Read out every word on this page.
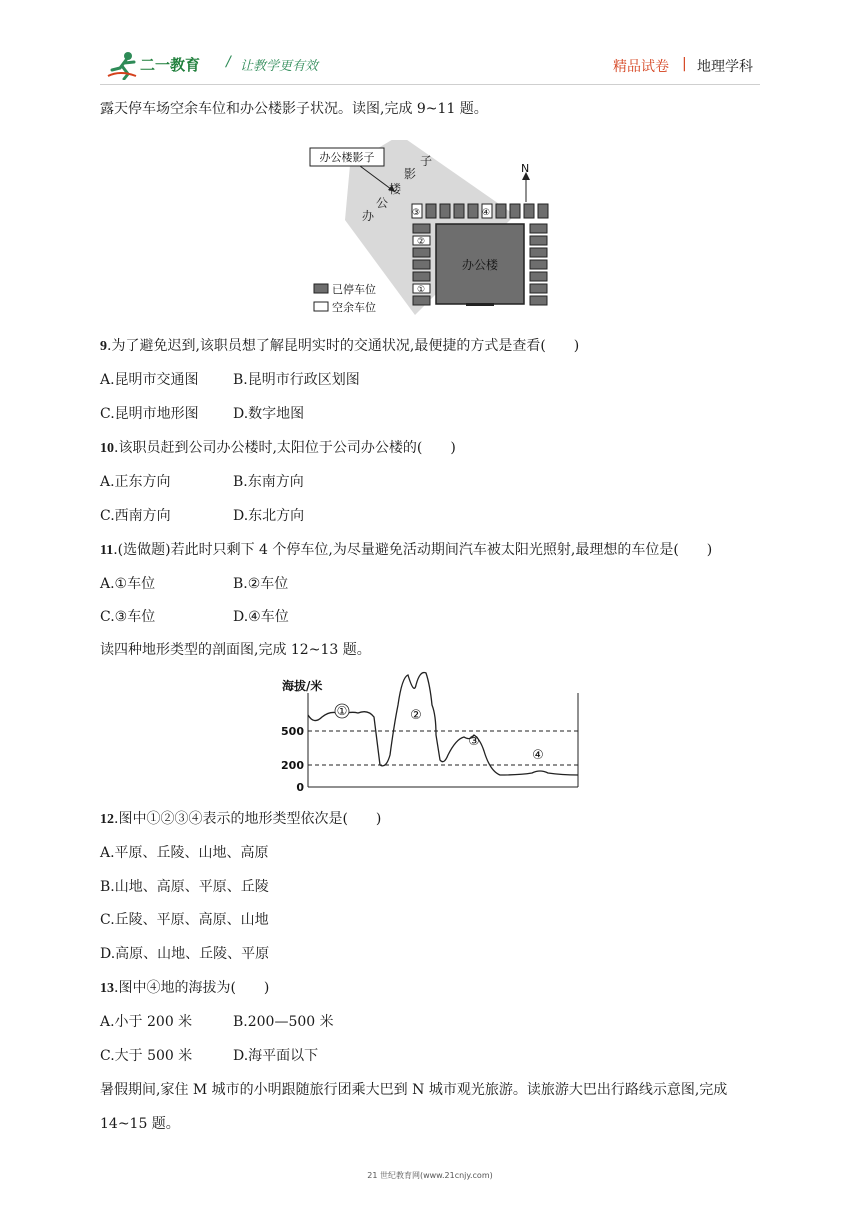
二一教育 / 让教学更有效	精品试卷 | 地理学科
露天停车场空余车位和办公楼影子状况。读图,完成 9~11 题。
办公楼影子	子
影
楼
公
办
N
③	④
②
①
办公楼
已停车位
空余车位
9.为了避免迟到,该职员想了解昆明实时的交通状况,最便捷的方式是查看(　　)
A.昆明市交通图 B.昆明市行政区划图
C.昆明市地形图 D.数字地图
10.该职员赶到公司办公楼时,太阳位于公司办公楼的(　　)
A.正东方向	B.东南方向
C.西南方向	D.东北方向
11.(选做题)若此时只剩下 4 个停车位,为尽量避免活动期间汽车被太阳光照射,最理想的车位是(　　)
A.①车位	B.②车位
C.③车位	D.④车位
读四种地形类型的剖面图,完成 12~13 题。
海拔/米
500
200
0
①	②
③
④
12.图中①②③④表示的地形类型依次是(　　)
A.平原、丘陵、山地、高原
B.山地、高原、平原、丘陵
C.丘陵、平原、高原、山地
D.高原、山地、丘陵、平原
13.图中④地的海拔为(　　)
A.小于 200 米	B.200—500 米
C.大于 500 米	D.海平面以下
暑假期间,家住 M 城市的小明跟随旅行团乘大巴到 N 城市观光旅游。读旅游大巴出行路线示意图,完成
14~15 题。
21 世纪教育网(www.21cnjy.com)
